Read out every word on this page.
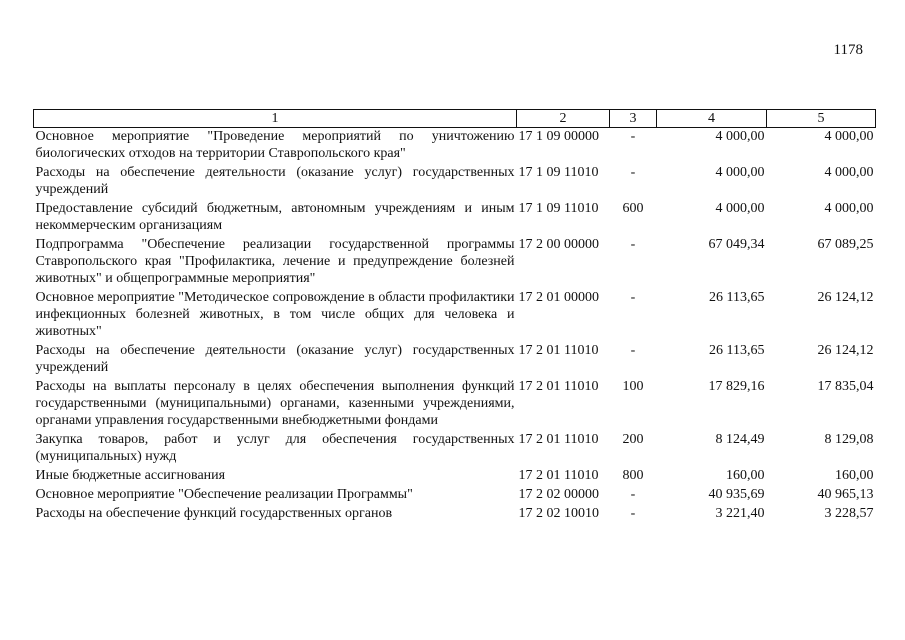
1178
1	2	3	4	5
Основное мероприятие "Проведение мероприятий по уничтожению биологических отходов на территории Ставропольского края"	17 1 09 00000	-	4 000,00	4 000,00
Расходы на обеспечение деятельности (оказание услуг) государственных учреждений	17 1 09 11010	-	4 000,00	4 000,00
Предоставление субсидий бюджетным, автономным учреждениям и иным некоммерческим организациям	17 1 09 11010	600	4 000,00	4 000,00
Подпрограмма "Обеспечение реализации государственной программы Ставропольского края "Профилактика, лечение и предупреждение болезней животных" и общепрограммные мероприятия"	17 2 00 00000	-	67 049,34	67 089,25
Основное мероприятие "Методическое сопровождение в области профилактики инфекционных болезней животных, в том числе общих для человека и животных"	17 2 01 00000	-	26 113,65	26 124,12
Расходы на обеспечение деятельности (оказание услуг) государственных учреждений	17 2 01 11010	-	26 113,65	26 124,12
Расходы на выплаты персоналу в целях обеспечения выполнения функций государственными (муниципальными) органами, казенными учреждениями, органами управления государственными внебюджетными фондами	17 2 01 11010	100	17 829,16	17 835,04
Закупка товаров, работ и услуг для обеспечения государственных (муниципальных) нужд	17 2 01 11010	200	8 124,49	8 129,08
Иные бюджетные ассигнования	17 2 01 11010	800	160,00	160,00
Основное мероприятие "Обеспечение реализации Программы"	17 2 02 00000	-	40 935,69	40 965,13
Расходы на обеспечение функций государственных органов	17 2 02 10010	-	3 221,40	3 228,57
